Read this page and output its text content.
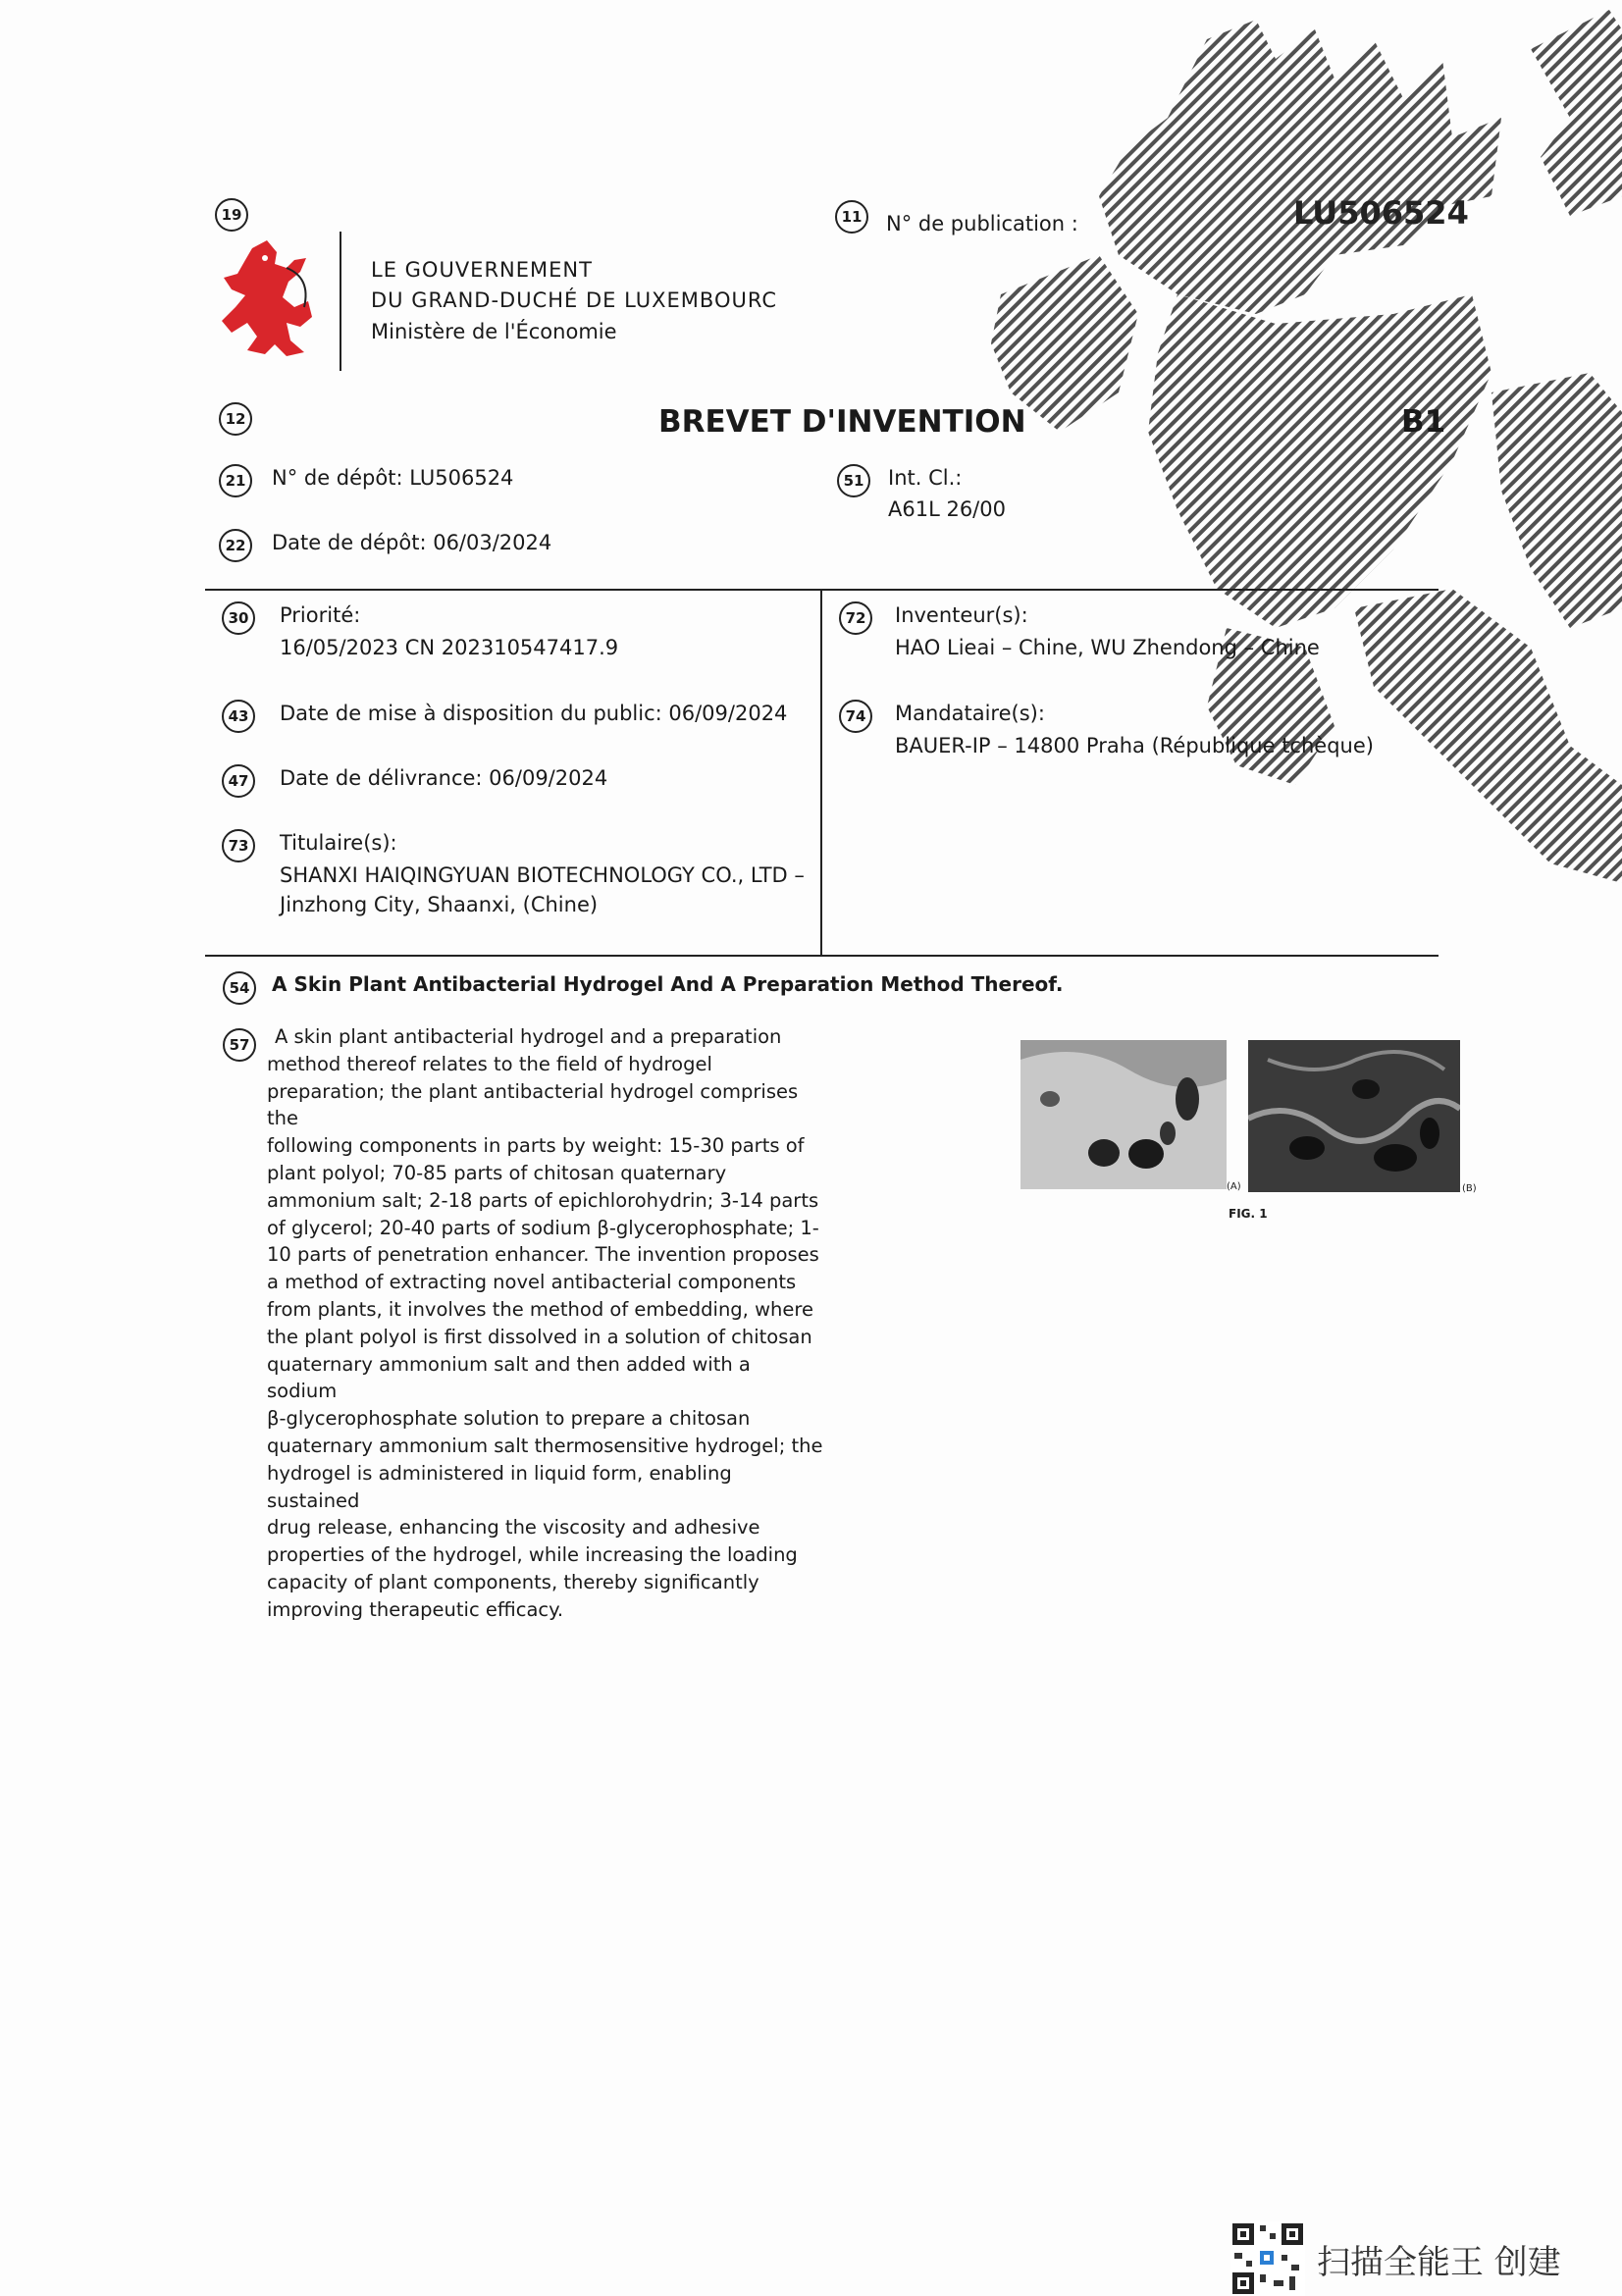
19
LE GOUVERNEMENT
DU GRAND-DUCHÉ DE LUXEMBOURC
Ministère de l'Économie
11	N° de publication :	LU506524
12	BREVET D'INVENTION	B1
21	N° de dépôt: LU506524
22	Date de dépôt: 06/03/2024
51	Int. Cl.:
A61L 26/00
30	Priorité:
16/05/2023 CN 202310547417.9
43	Date de mise à disposition du public: 06/09/2024
47	Date de délivrance: 06/09/2024
73	Titulaire(s):
SHANXI HAIQINGYUAN BIOTECHNOLOGY CO., LTD –
Jinzhong City, Shaanxi, (Chine)
72	Inventeur(s):
HAO Lieai – Chine, WU Zhendong – Chine
74	Mandataire(s):
BAUER-IP – 14800 Praha (République tchèque)
54	A Skin Plant Antibacterial Hydrogel And A Preparation Method Thereof.
57	A skin plant antibacterial hydrogel and a preparation
method thereof relates to the field of hydrogel
preparation; the plant antibacterial hydrogel comprises the
following components in parts by weight: 15-30 parts of
plant polyol; 70-85 parts of chitosan quaternary
ammonium salt; 2-18 parts of epichlorohydrin; 3-14 parts
of glycerol; 20-40 parts of sodium β-glycerophosphate; 1-
10 parts of penetration enhancer. The invention proposes
a method of extracting novel antibacterial components
from plants, it involves the method of embedding, where
the plant polyol is first dissolved in a solution of chitosan
quaternary ammonium salt and then added with a sodium
β-glycerophosphate solution to prepare a chitosan
quaternary ammonium salt thermosensitive hydrogel; the
hydrogel is administered in liquid form, enabling sustained
drug release, enhancing the viscosity and adhesive
properties of the hydrogel, while increasing the loading
capacity of plant components, thereby significantly
improving therapeutic efficacy.
(A)	(B)
FIG. 1
扫描全能王 创建
